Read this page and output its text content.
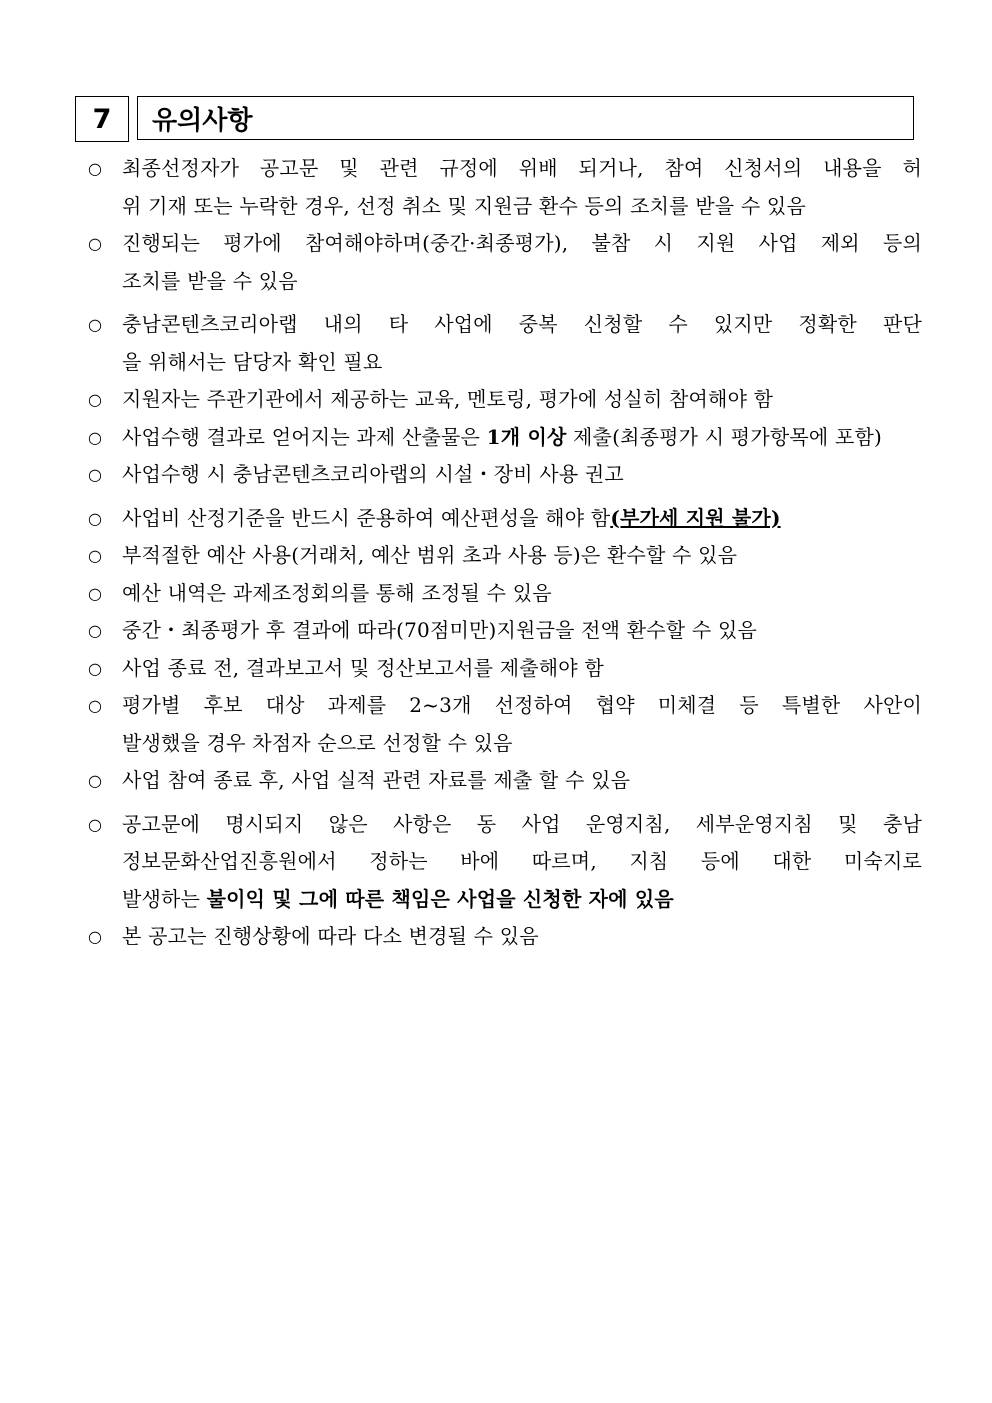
7	유의사항
○ 최종선정자가 공고문 및 관련 규정에 위배 되거나, 참여 신청서의 내용을 허
위 기재 또는 누락한 경우, 선정 취소 및 지원금 환수 등의 조치를 받을 수 있음
○ 진행되는 평가에 참여해야하며(중간·최종평가), 불참 시 지원 사업 제외 등의
조치를 받을 수 있음
○ 충남콘텐츠코리아랩 내의 타 사업에 중복 신청할 수 있지만 정확한 판단
을 위해서는 담당자 확인 필요
○ 지원자는 주관기관에서 제공하는 교육, 멘토링, 평가에 성실히 참여해야 함
○ 사업수행 결과로 얻어지는 과제 산출물은 1개 이상 제출(최종평가 시 평가항목에 포함)
○ 사업수행 시 충남콘텐츠코리아랩의 시설・장비 사용 권고
○ 사업비 산정기준을 반드시 준용하여 예산편성을 해야 함(부가세 지원 불가)
○ 부적절한 예산 사용(거래처, 예산 범위 초과 사용 등)은 환수할 수 있음
○ 예산 내역은 과제조정회의를 통해 조정될 수 있음
○ 중간・최종평가 후 결과에 따라(70점미만)지원금을 전액 환수할 수 있음
○ 사업 종료 전, 결과보고서 및 정산보고서를 제출해야 함
○ 평가별 후보 대상 과제를 2~3개 선정하여 협약 미체결 등 특별한 사안이
발생했을 경우 차점자 순으로 선정할 수 있음
○ 사업 참여 종료 후, 사업 실적 관련 자료를 제출 할 수 있음
○ 공고문에 명시되지 않은 사항은 동 사업 운영지침, 세부운영지침 및 충남
정보문화산업진흥원에서 정하는 바에 따르며, 지침 등에 대한 미숙지로
발생하는 불이익 및 그에 따른 책임은 사업을 신청한 자에 있음
○ 본 공고는 진행상황에 따라 다소 변경될 수 있음
